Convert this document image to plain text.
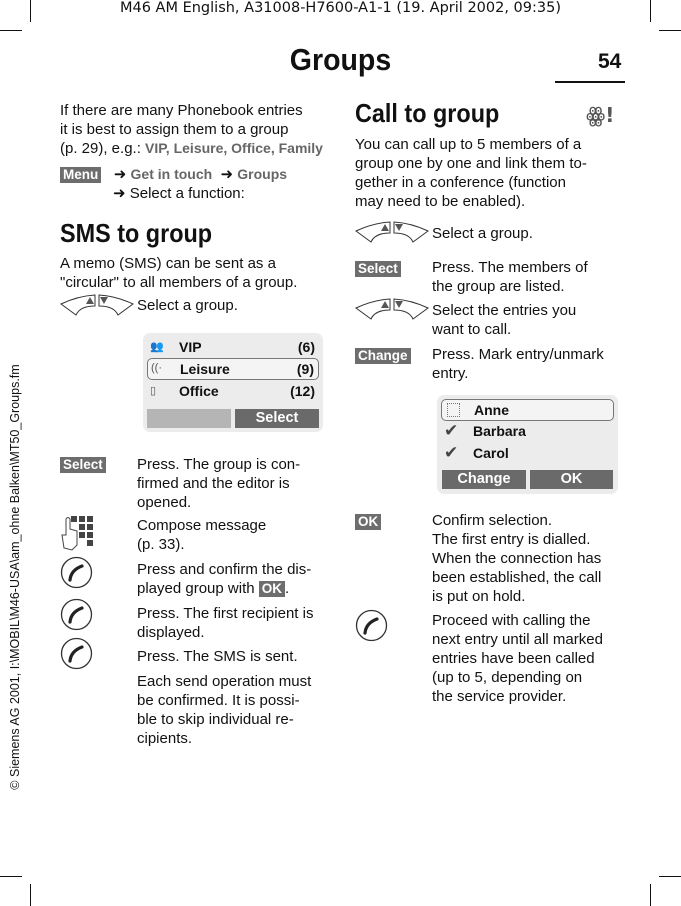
M46 AM English, A31008-H7600-A1-1 (19. April 2002, 09:35)
Groups	54
© Siemens AG 2001, I:\MOBIL\M46-USA\am_ohne Balken\MT50_Groups.fm
If there are many Phonebook entries
it is best to assign them to a group
(p. 29), e.g.: VIP, Leisure, Office, Family
Menu ➜ Get in touch ➜ Groups
➜ Select a function:
SMS to group
A memo (SMS) can be sent as a
"circular" to all members of a group.
Select a group.
👥 VIP	(6)
((· Leisure	(9)
▯	Office	(12)
Select
Select Press. The group is con-
firmed and the editor is
opened.
Compose message
(p. 33).
Press and confirm the dis-
played group with OK .
Press. The first recipient is
displayed.
Press. The SMS is sent.
Each send operation must
be confirmed. It is possi-
ble to skip individual re-
cipients.
Call to group	ꙮ!
You can call up to 5 members of a
group one by one and link them to-
gether in a conference (function
may need to be enabled).
Select a group.
Select Press. The members of
the group are listed.
Select the entries you
want to call.
Change Press. Mark entry/unmark
entry.
Anne
✔ Barbara
✔ Carol
Change	OK
OK	Confirm selection.
The first entry is dialled.
When the connection has
been established, the call
is put on hold.
Proceed with calling the
next entry until all marked
entries have been called
(up to 5, depending on
the service provider.
